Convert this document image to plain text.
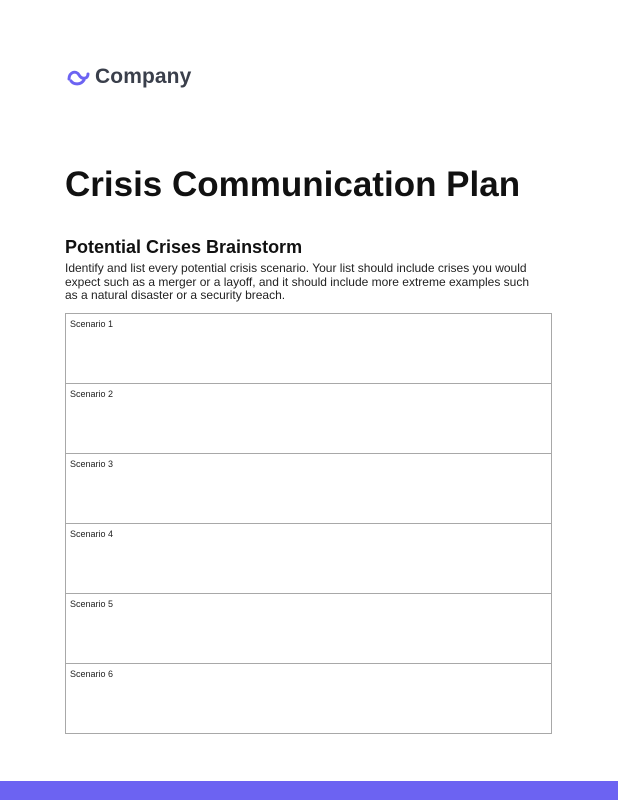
Company
Crisis Communication Plan
Potential Crises Brainstorm

Identify and list every potential crisis scenario. Your list should include crises you would expect such as a merger or a layoff, and it should include more extreme examples such as a natural disaster or a security breach.

Scenario 1
Scenario 2
Scenario 3
Scenario 4
Scenario 5
Scenario 6
